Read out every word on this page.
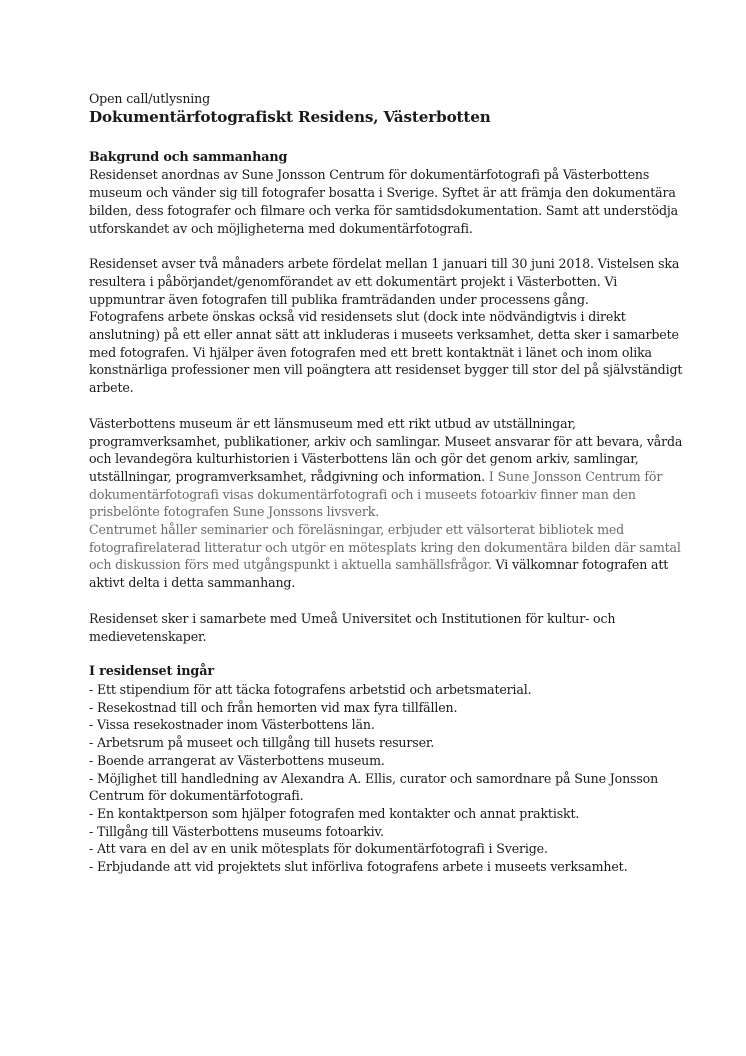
Open call/utlysning

Dokumentärfotografiskt Residens, Västerbotten
Bakgrund och sammanhang

Residenset anordnas av Sune Jonsson Centrum för dokumentärfotografi på Västerbottens museum och vänder sig till fotografer bosatta i Sverige. Syftet är att främja den dokumentära bilden, dess fotografer och filmare och verka för samtidsdokumentation. Samt att understödja utforskandet av och möjligheterna med dokumentärfotografi.

Residenset avser två månaders arbete fördelat mellan 1 januari till 30 juni 2018. Vistelsen ska resultera i påbörjandet/genomförandet av ett dokumentärt projekt i Västerbotten. Vi uppmuntrar även fotografen till publika framträdanden under processens gång.

Fotografens arbete önskas också vid residensets slut (dock inte nödvändigtvis i direkt anslutning) på ett eller annat sätt att inkluderas i museets verksamhet, detta sker i samarbete med fotografen. Vi hjälper även fotografen med ett brett kontaktnät i länet och inom olika konstnärliga professioner men vill poängtera att residenset bygger till stor del på självständigt arbete.

Västerbottens museum är ett länsmuseum med ett rikt utbud av utställningar, programverksamhet, publikationer, arkiv och samlingar. Museet ansvarar för att bevara, vårda och levandegöra kulturhistorien i Västerbottens län och gör det genom arkiv, samlingar, utställningar, programverksamhet, rådgivning och information. I Sune Jonsson Centrum för dokumentärfotografi visas dokumentärfotografi och i museets fotoarkiv finner man den prisbelönte fotografen Sune Jonssons livsverk.
Centrumet håller seminarier och föreläsningar, erbjuder ett välsorterat bibliotek med fotografirelaterad litteratur och utgör en mötesplats kring den dokumentära bilden där samtal och diskussion förs med utgångspunkt i aktuella samhällsfrågor. Vi välkomnar fotografen att aktivt delta i detta sammanhang.

Residenset sker i samarbete med Umeå Universitet och Institutionen för kultur- och medievetenskaper.

I residenset ingår
- Ett stipendium för att täcka fotografens arbetstid och arbetsmaterial.
- Resekostnad till och från hemorten vid max fyra tillfällen.
- Vissa resekostnader inom Västerbottens län.
- Arbetsrum på museet och tillgång till husets resurser.
- Boende arrangerat av Västerbottens museum.
- Möjlighet till handledning av Alexandra A. Ellis, curator och samordnare på Sune Jonsson Centrum för dokumentärfotografi.
- En kontaktperson som hjälper fotografen med kontakter och annat praktiskt.
- Tillgång till Västerbottens museums fotoarkiv.
- Att vara en del av en unik mötesplats för dokumentärfotografi i Sverige.
- Erbjudande att vid projektets slut införliva fotografens arbete i museets verksamhet.
